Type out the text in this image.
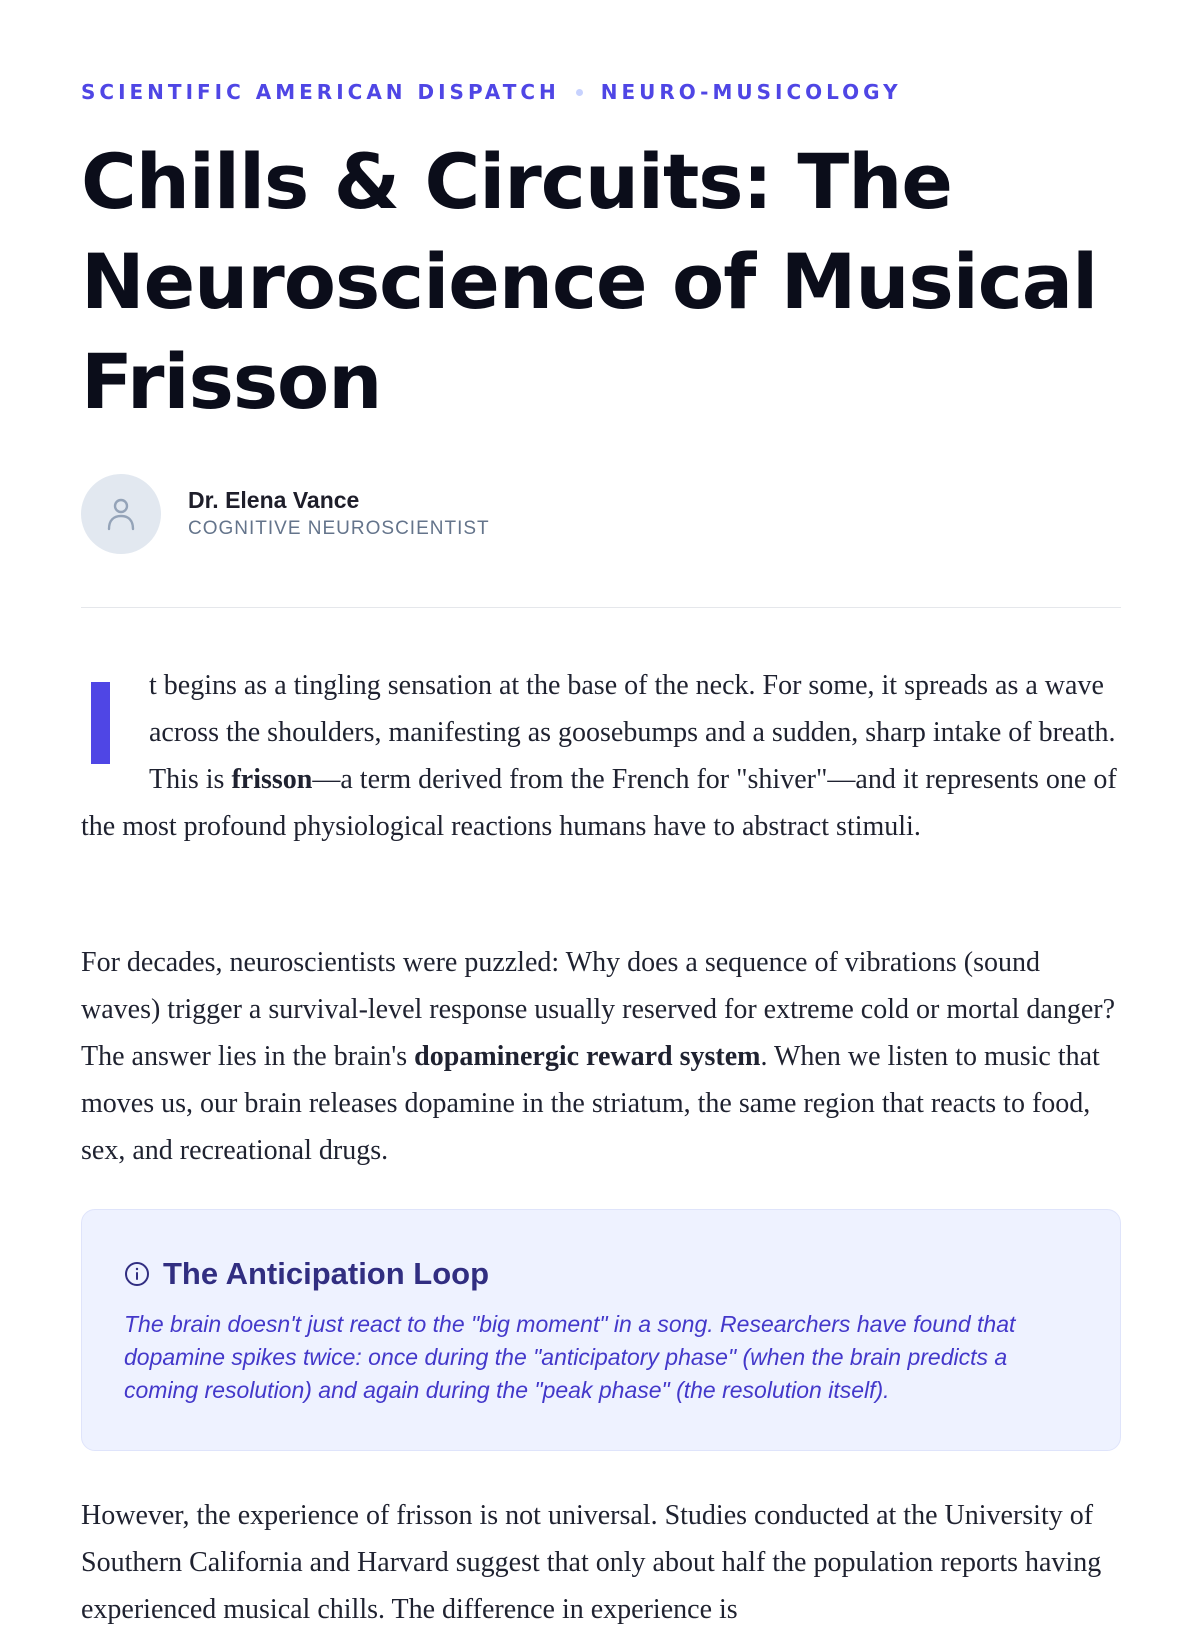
SCIENTIFIC AMERICAN DISPATCH NEURO-MUSICOLOGY
Chills & Circuits: The Neuroscience of Musical Frisson
Dr. Elena Vance
COGNITIVE NEUROSCIENTIST

t begins as a tingling sensation at the base of the neck. For some, it spreads as a wave across the shoulders, manifesting as goosebumps and a sudden, sharp intake of breath. This is frisson—a term derived from the French for "shiver"—and it represents one of the most profound physiological reactions humans have to abstract stimuli.

For decades, neuroscientists were puzzled: Why does a sequence of vibrations (sound waves) trigger a survival-level response usually reserved for extreme cold or mortal danger? The answer lies in the brain's dopaminergic reward system. When we listen to music that moves us, our brain releases dopamine in the striatum, the same region that reacts to food, sex, and recreational drugs.

The Anticipation Loop
The brain doesn't just react to the "big moment" in a song. Researchers have found that dopamine spikes twice: once during the "anticipatory phase" (when the brain predicts a coming resolution) and again during the "peak phase" (the resolution itself).

However, the experience of frisson is not universal. Studies conducted at the University of Southern California and Harvard suggest that only about half the population reports having experienced musical chills. The difference in experience is
